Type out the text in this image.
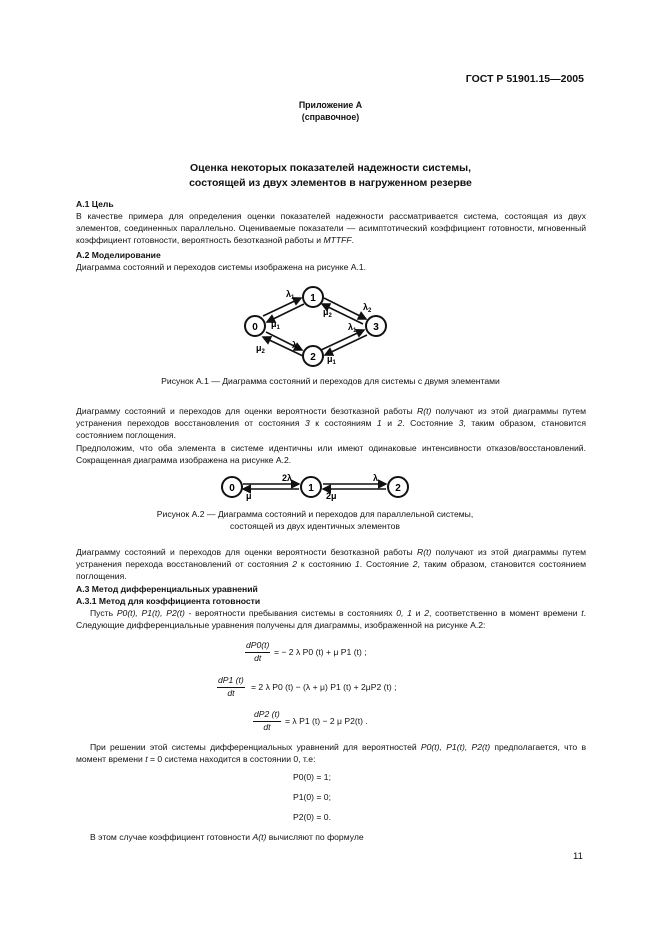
ГОСТ Р 51901.15—2005
Приложение А
(справочное)
Оценка некоторых показателей надежности системы,
состоящей из двух элементов в нагруженном резерве
А.1 Цель
В качестве примера для определения оценки показателей надежности рассматривается система, состоящая из двух элементов, соединенных параллельно. Оцениваемые показатели — асимптотический коэффициент готовности, мгновенный коэффициент готовности, вероятность безотказной работы и MTTFF.
А.2 Моделирование
Диаграмма состояний и переходов системы изображена на рисунке А.1.
0
1
2
3
$\lambda_1$
$\mu_1$
$\lambda_2$
$\mu_2$
$\lambda_2$
$\mu_2$
$\lambda_1$
$\mu_1$
Рисунок А.1 — Диаграмма состояний и переходов для системы с двумя элементами
Диаграмму состояний и переходов для оценки вероятности безотказной работы R(t) получают из этой диаграммы путем устранения переходов восстановления от состояния 3 к состояниям 1 и 2. Состояние 3, таким образом, становится состоянием поглощения.
Предположим, что оба элемента в системе идентичны или имеют одинаковые интенсивности отказов/восстановлений. Сокращенная диаграмма изображена на рисунке А.2.
0	1	2
2λ
μ
λ
2μ
Рисунок А.2 — Диаграмма состояний и переходов для параллельной системы,
состоящей из двух идентичных элементов
Диаграмму состояний и переходов для оценки вероятности безотказной работы R(t) получают из этой диаграммы путем устранения перехода восстановлений от состояния 2 к состоянию 1. Состояние 2, таким образом, становится состоянием поглощения.
А.3 Метод дифференциальных уравнений
А.3.1 Метод для коэффициента готовности
Пусть P0(t), P1(t), P2(t) - вероятности пребывания системы в состояниях 0, 1 и 2, соответственно в момент времени t. Следующие дифференциальные уравнения получены для диаграммы, изображенной на рисунке А.2:
$\frac{dP0(t)}{dt}$ = − 2 λ P0 (t) + μ P1 (t) ;
$\frac{dP1 (t)}{dt} = 2$ λ P0 (t) − (λ + μ) P1 (t) + 2μP2 (t) ;
$\frac{dP2 (t)}{dt} = \lambda$ P1 (t) − 2 μ P2(t) .
При решении этой системы дифференциальных уравнений для вероятностей P0(t), P1(t), P2(t) предполагается, что в момент времени t = 0 система находится в состоянии 0, т.е:
P0(0) = 1;
P1(0) = 0;
P2(0) = 0.
В этом случае коэффициент готовности A(t) вычисляют по формуле
11
